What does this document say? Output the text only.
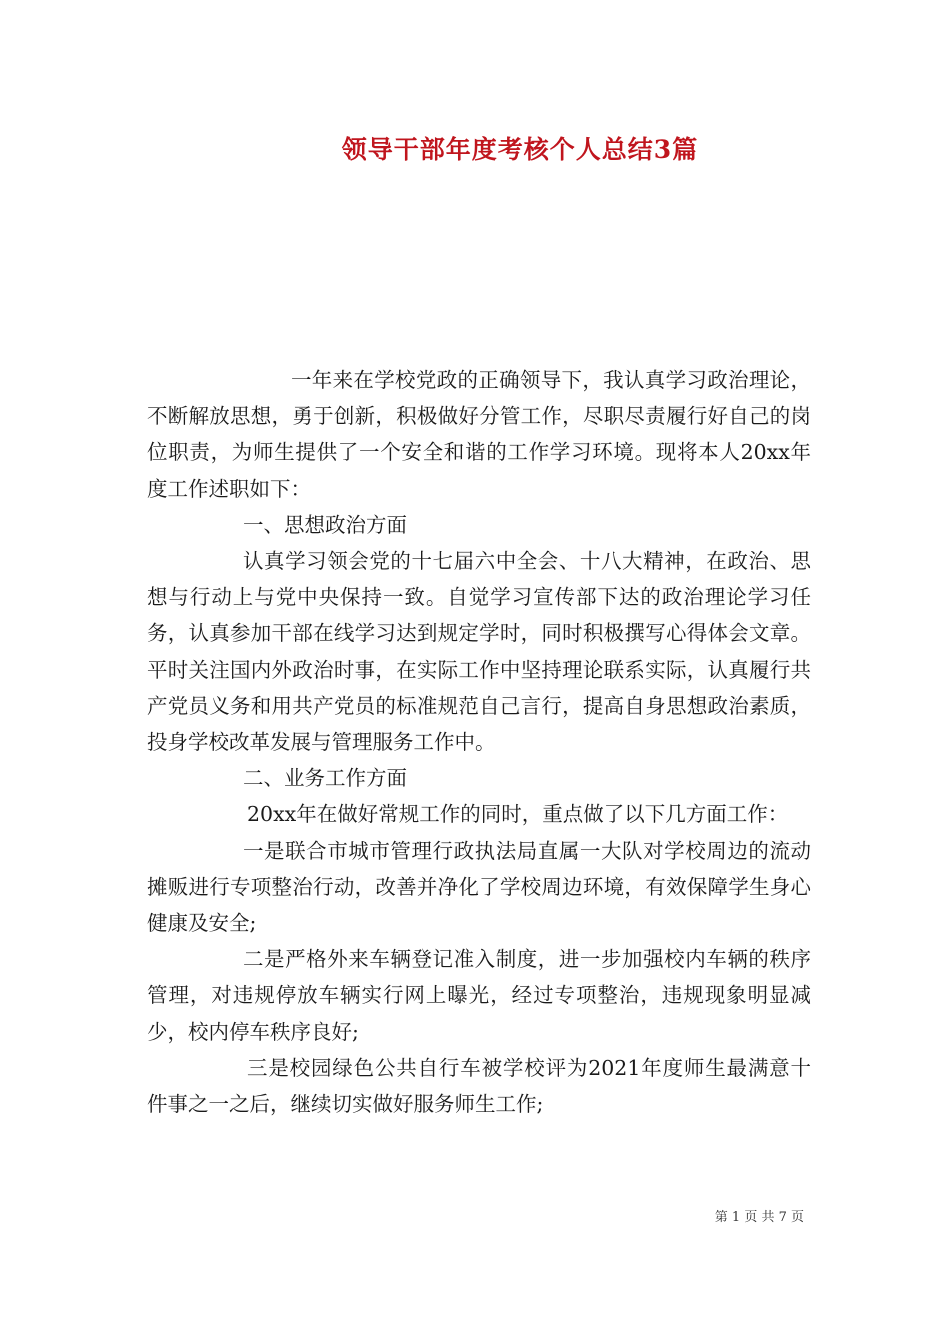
领导干部年度考核个人总结3篇

一年来在学校党政的正确领导下，我认真学习政治理论，不断解放思想，勇于创新，积极做好分管工作，尽职尽责履行好自己的岗位职责，为师生提供了一个安全和谐的工作学习环境。现将本人20xx年度工作述职如下：

一、思想政治方面

认真学习领会党的十七届六中全会、十八大精神，在政治、思想与行动上与党中央保持一致。自觉学习宣传部下达的政治理论学习任务，认真参加干部在线学习达到规定学时，同时积极撰写心得体会文章。平时关注国内外政治时事，在实际工作中坚持理论联系实际，认真履行共产党员义务和用共产党员的标准规范自己言行，提高自身思想政治素质，投身学校改革发展与管理服务工作中。

二、业务工作方面

20xx年在做好常规工作的同时，重点做了以下几方面工作：

一是联合市城市管理行政执法局直属一大队对学校周边的流动摊贩进行专项整治行动，改善并净化了学校周边环境，有效保障学生身心健康及安全;

二是严格外来车辆登记准入制度，进一步加强校内车辆的秩序管理，对违规停放车辆实行网上曝光，经过专项整治，违规现象明显减少，校内停车秩序良好;

三是校园绿色公共自行车被学校评为2021年度师生最满意十件事之一之后，继续切实做好服务师生工作;

第 1 页 共 7 页
